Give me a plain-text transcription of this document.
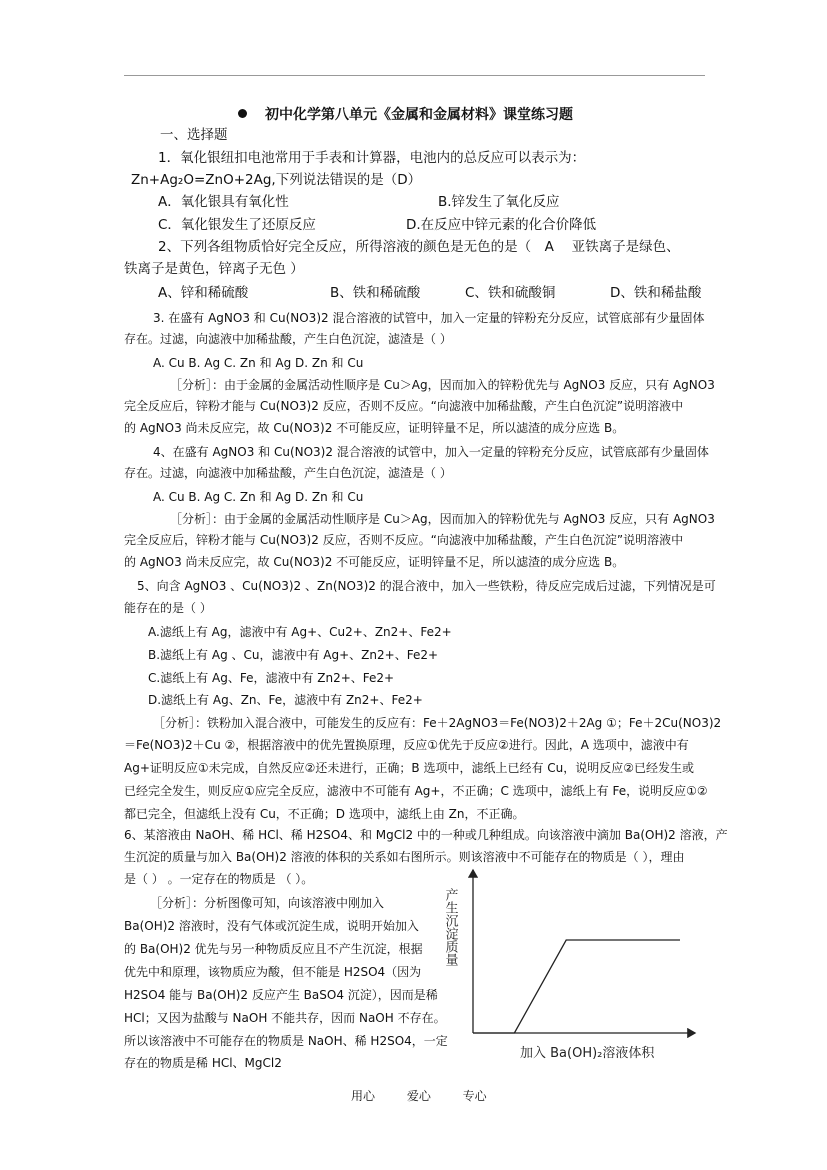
初中化学第八单元《金属和金属材料》课堂练习题
一、选择题
1．氧化银纽扣电池常用于手表和计算器，电池内的总反应可以表示为：
Zn+Ag₂O=ZnO+2Ag,下列说法错误的是（D）
A．氧化银具有氧化性	B.锌发生了氧化反应
C．氧化银发生了还原反应	D.在反应中锌元素的化合价降低
2、下列各组物质恰好完全反应，所得溶液的颜色是无色的是（　A　 亚铁离子是绿色、
铁离子是黄色，锌离子无色 ）
A、锌和稀硫酸	B、铁和稀硫酸	C、铁和硫酸铜	D、铁和稀盐酸
3. 在盛有 AgNO3 和 Cu(NO3)2 混合溶液的试管中，加入一定量的锌粉充分反应，试管底部有少量固体
存在。过滤，向滤液中加稀盐酸，产生白色沉淀，滤渣是（ ）
A. Cu B. Ag C. Zn 和 Ag D. Zn 和 Cu
［分析］：由于金属的金属活动性顺序是 Cu＞Ag，因而加入的锌粉优先与 AgNO3 反应，只有 AgNO3
完全反应后，锌粉才能与 Cu(NO3)2 反应，否则不反应。“向滤液中加稀盐酸，产生白色沉淀”说明溶液中
的 AgNO3 尚未反应完，故 Cu(NO3)2 不可能反应，证明锌量不足，所以滤渣的成分应选 B。
4、在盛有 AgNO3 和 Cu(NO3)2 混合溶液的试管中，加入一定量的锌粉充分反应，试管底部有少量固体
存在。过滤，向滤液中加稀盐酸，产生白色沉淀，滤渣是（ ）
A. Cu B. Ag C. Zn 和 Ag D. Zn 和 Cu
［分析］：由于金属的金属活动性顺序是 Cu＞Ag，因而加入的锌粉优先与 AgNO3 反应，只有 AgNO3
完全反应后，锌粉才能与 Cu(NO3)2 反应，否则不反应。“向滤液中加稀盐酸，产生白色沉淀”说明溶液中
的 AgNO3 尚未反应完，故 Cu(NO3)2 不可能反应，证明锌量不足，所以滤渣的成分应选 B。
5、向含 AgNO3 、Cu(NO3)2 、Zn(NO3)2 的混合液中，加入一些铁粉，待反应完成后过滤，下列情况是可
能存在的是（ ）
A.滤纸上有 Ag，滤液中有 Ag+、Cu2+、Zn2+、Fe2+
B.滤纸上有 Ag 、Cu，滤液中有 Ag+、Zn2+、Fe2+
C.滤纸上有 Ag、Fe，滤液中有 Zn2+、Fe2+
D.滤纸上有 Ag、Zn、Fe，滤液中有 Zn2+、Fe2+
［分析］：铁粉加入混合液中，可能发生的反应有：Fe＋2AgNO3＝Fe(NO3)2＋2Ag ①；Fe＋2Cu(NO3)2
＝Fe(NO3)2＋Cu ②，根据溶液中的优先置换原理，反应①优先于反应②进行。因此，A 选项中，滤液中有
Ag+证明反应①未完成，自然反应②还未进行，正确；B 选项中，滤纸上已经有 Cu，说明反应②已经发生或
已经完全发生，则反应①应完全反应，滤液中不可能有 Ag+，不正确；C 选项中，滤纸上有 Fe，说明反应①②
都已完全，但滤纸上没有 Cu，不正确；D 选项中，滤纸上由 Zn，不正确。
6、某溶液由 NaOH、稀 HCl、稀 H2SO4、和 MgCl2 中的一种或几种组成。向该溶液中滴加 Ba(OH)2 溶液，产
生沉淀的质量与加入 Ba(OH)2 溶液的体积的关系如右图所示。则该溶液中不可能存在的物质是（ ），理由
是（ ） 。一定存在的物质是 （ ）。
［分析］：分析图像可知，向该溶液中刚加入
Ba(OH)2 溶液时，没有气体或沉淀生成，说明开始加入
的 Ba(OH)2 优先与另一种物质反应且不产生沉淀，根据
优先中和原理，该物质应为酸，但不能是 H2SO4（因为
H2SO4 能与 Ba(OH)2 反应产生 BaSO4 沉淀），因而是稀
HCl；又因为盐酸与 NaOH 不能共存，因而 NaOH 不存在。
所以该溶液中不可能存在的物质是 NaOH、稀 H2SO4，一定
存在的物质是稀 HCl、MgCl2
产生沉淀质量
加入 Ba(OH)₂溶液体积
用心 爱心 专心
